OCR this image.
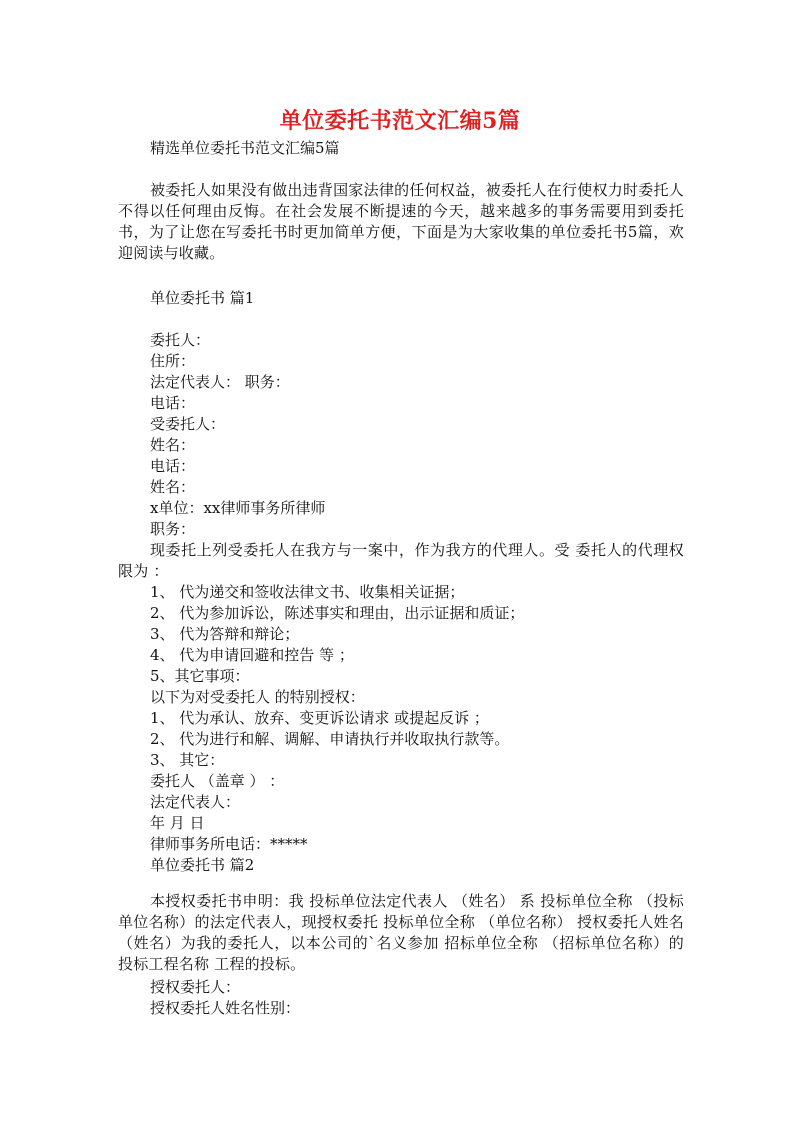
单位委托书范文汇编5篇
精选单位委托书范文汇编5篇
被委托人如果没有做出违背国家法律的任何权益，被委托人在行使权力时委托人不得以任何理由反悔。在社会发展不断提速的今天，越来越多的事务需要用到委托书，为了让您在写委托书时更加简单方便，下面是为大家收集的单位委托书5篇，欢迎阅读与收藏。
单位委托书 篇1
委托人：
住所：
法定代表人： 职务：
电话：
受委托人：
姓名：
电话：
姓名：
x单位：xx律师事务所律师
职务：
现委托上列受委托人在我方与一案中，作为我方的代理人。受 委托人的代理权限为 ：
1、 代为递交和签收法律文书、收集相关证据；
2、 代为参加诉讼，陈述事实和理由，出示证据和质证；
3、 代为答辩和辩论；
4、 代为申请回避和控告 等 ；
5、其它事项：
以下为对受委托人 的特别授权：
1、 代为承认、放弃、变更诉讼请求 或提起反诉 ；
2、 代为进行和解、调解、申请执行并收取执行款等。
3、 其它：
委托人 （盖章 ） ：
法定代表人：
年 月 日
律师事务所电话：*****
单位委托书 篇2
本授权委托书申明：我 投标单位法定代表人 （姓名） 系 投标单位全称 （投标单位名称）的法定代表人，现授权委托 投标单位全称 （单位名称） 授权委托人姓名 （姓名）为我的委托人，以本公司的`名义参加 招标单位全称 （招标单位名称）的 投标工程名称 工程的投标。
授权委托人：
授权委托人姓名性别：
